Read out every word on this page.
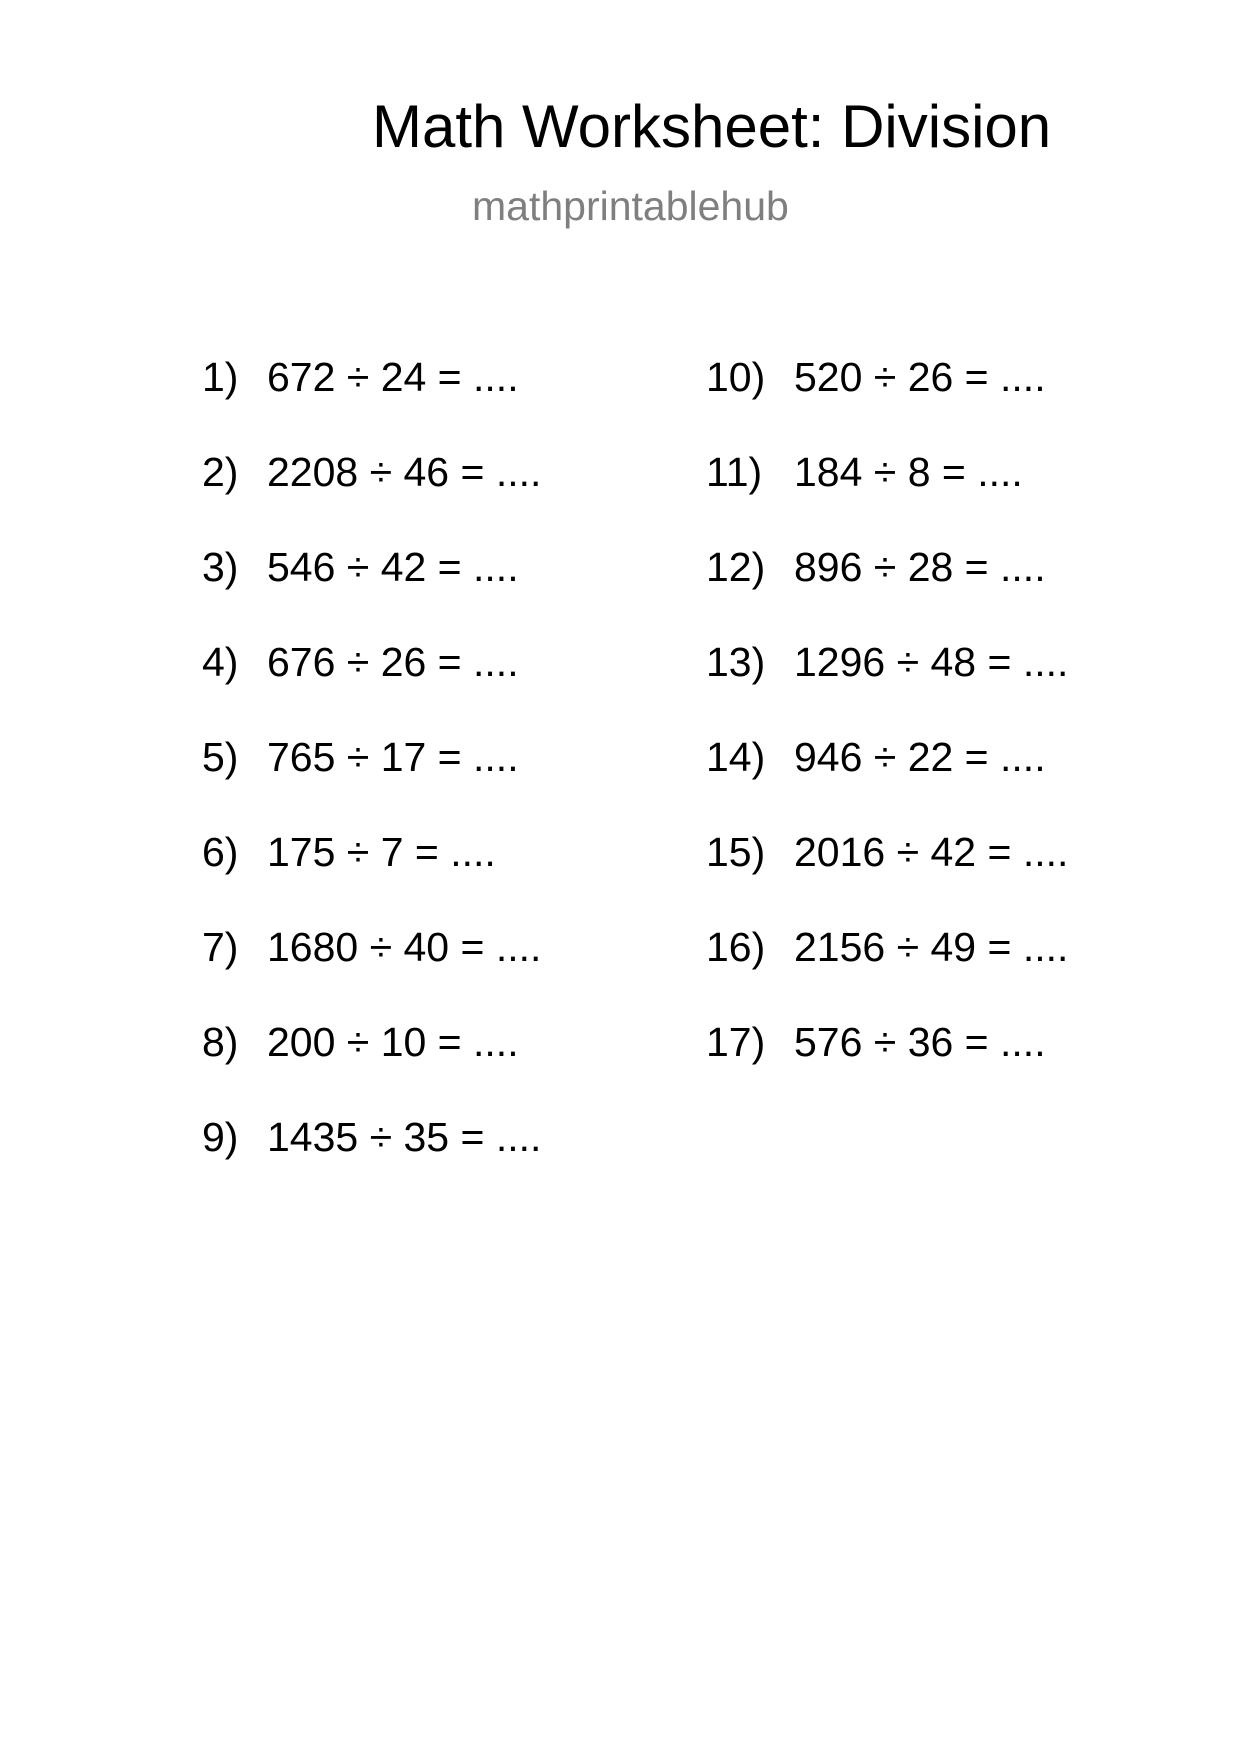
Math Worksheet: Division
mathprintablehub
1) 672 ÷ 24 = ....
2) 2208 ÷ 46 = ....
3) 546 ÷ 42 = ....
4) 676 ÷ 26 = ....
5) 765 ÷ 17 = ....
6) 175 ÷ 7 = ....
7) 1680 ÷ 40 = ....
8) 200 ÷ 10 = ....
9) 1435 ÷ 35 = ....
10) 520 ÷ 26 = ....
11) 184 ÷ 8 = ....
12) 896 ÷ 28 = ....
13) 1296 ÷ 48 = ....
14) 946 ÷ 22 = ....
15) 2016 ÷ 42 = ....
16) 2156 ÷ 49 = ....
17) 576 ÷ 36 = ....
